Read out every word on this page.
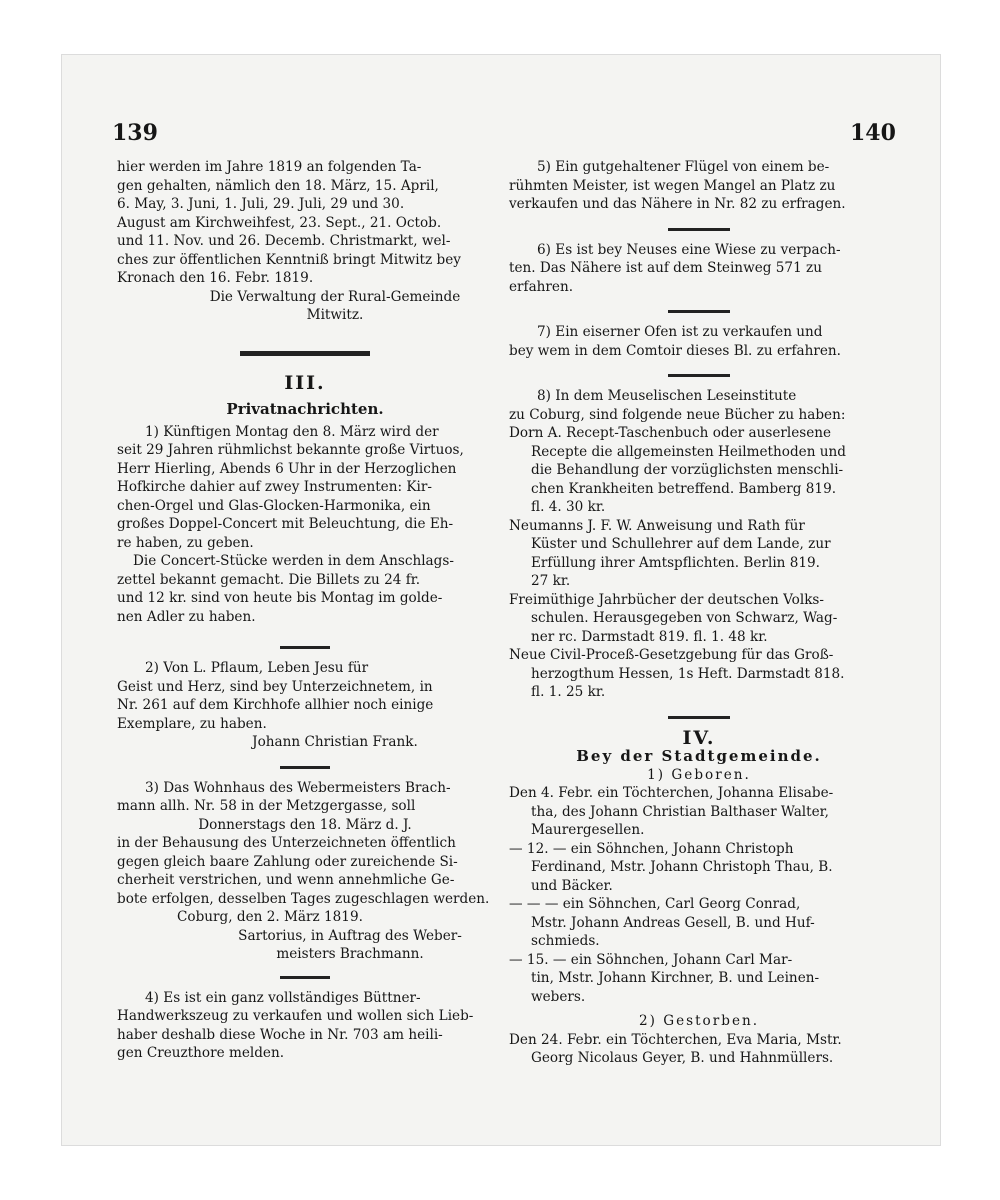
139	140

hier werden im Jahre 1819 an folgenden Ta-
gen gehalten, nämlich den 18. März, 15. April,
6. May, 3. Juni, 1. Juli, 29. Juli, 29 und 30.
August am Kirchweihfest, 23. Sept., 21. Octob.
und 11. Nov. und 26. Decemb. Christmarkt, wel-
ches zur öffentlichen Kenntniß bringt Mitwitz bey
Kronach den 16. Febr. 1819.

Die Verwaltung der Rural-Gemeinde
Mitwitz.

III.

Privatnachrichten.

1) Künftigen Montag den 8. März wird der
seit 29 Jahren rühmlichst bekannte große Virtuos,
Herr Hierling, Abends 6 Uhr in der Herzoglichen
Hofkirche dahier auf zwey Instrumenten: Kir-
chen-Orgel und Glas-Glocken-Harmonika, ein
großes Doppel-Concert mit Beleuchtung, die Eh-
re haben, zu geben.

Die Concert-Stücke werden in dem Anschlags-
zettel bekannt gemacht. Die Billets zu 24 fr.
und 12 kr. sind von heute bis Montag im golde-
nen Adler zu haben.

2) Von L. Pflaum, Leben Jesu für
Geist und Herz, sind bey Unterzeichnetem, in
Nr. 261 auf dem Kirchhofe allhier noch einige
Exemplare, zu haben.

Johann Christian Frank.

3) Das Wohnhaus des Webermeisters Brach-
mann allh. Nr. 58 in der Metzgergasse, soll

Donnerstags den 18. März d. J.

in der Behausung des Unterzeichneten öffentlich
gegen gleich baare Zahlung oder zureichende Si-
cherheit verstrichen, und wenn annehmliche Ge-
bote erfolgen, desselben Tages zugeschlagen werden.

Coburg, den 2. März 1819.

Sartorius, in Auftrag des Weber-
meisters Brachmann.

4) Es ist ein ganz vollständiges Büttner-
Handwerkszeug zu verkaufen und wollen sich Lieb-
haber deshalb diese Woche in Nr. 703 am heili-
gen Creuzthore melden.

5) Ein gutgehaltener Flügel von einem be-
rühmten Meister, ist wegen Mangel an Platz zu
verkaufen und das Nähere in Nr. 82 zu erfragen.

6) Es ist bey Neuses eine Wiese zu verpach-
ten. Das Nähere ist auf dem Steinweg 571 zu
erfahren.

7) Ein eiserner Ofen ist zu verkaufen und
bey wem in dem Comtoir dieses Bl. zu erfahren.

8) In dem Meuselischen Leseinstitute
zu Coburg, sind folgende neue Bücher zu haben:

Dorn A. Recept-Taschenbuch oder auserlesene
Recepte die allgemeinsten Heilmethoden und
die Behandlung der vorzüglichsten menschli-
chen Krankheiten betreffend. Bamberg 819.
fl. 4. 30 kr.

Neumanns J. F. W. Anweisung und Rath für
Küster und Schullehrer auf dem Lande, zur
Erfüllung ihrer Amtspflichten. Berlin 819.
27 kr.

Freimüthige Jahrbücher der deutschen Volks-
schulen. Herausgegeben von Schwarz, Wag-
ner rc. Darmstadt 819. fl. 1. 48 kr.

Neue Civil-Proceß-Gesetzgebung für das Groß-
herzogthum Hessen, 1s Heft. Darmstadt 818.
fl. 1. 25 kr.

IV.

Bey der Stadtgemeinde.

1) Geboren.

Den 4. Febr. ein Töchterchen, Johanna Elisabe-
tha, des Johann Christian Balthaser Walter,
Maurergesellen.

— 12. — ein Söhnchen, Johann Christoph
Ferdinand, Mstr. Johann Christoph Thau, B.
und Bäcker.

— — — ein Söhnchen, Carl Georg Conrad,
Mstr. Johann Andreas Gesell, B. und Huf-
schmieds.

— 15. — ein Söhnchen, Johann Carl Mar-
tin, Mstr. Johann Kirchner, B. und Leinen-
webers.

2) Gestorben.

Den 24. Febr. ein Töchterchen, Eva Maria, Mstr.
Georg Nicolaus Geyer, B. und Hahnmüllers.
